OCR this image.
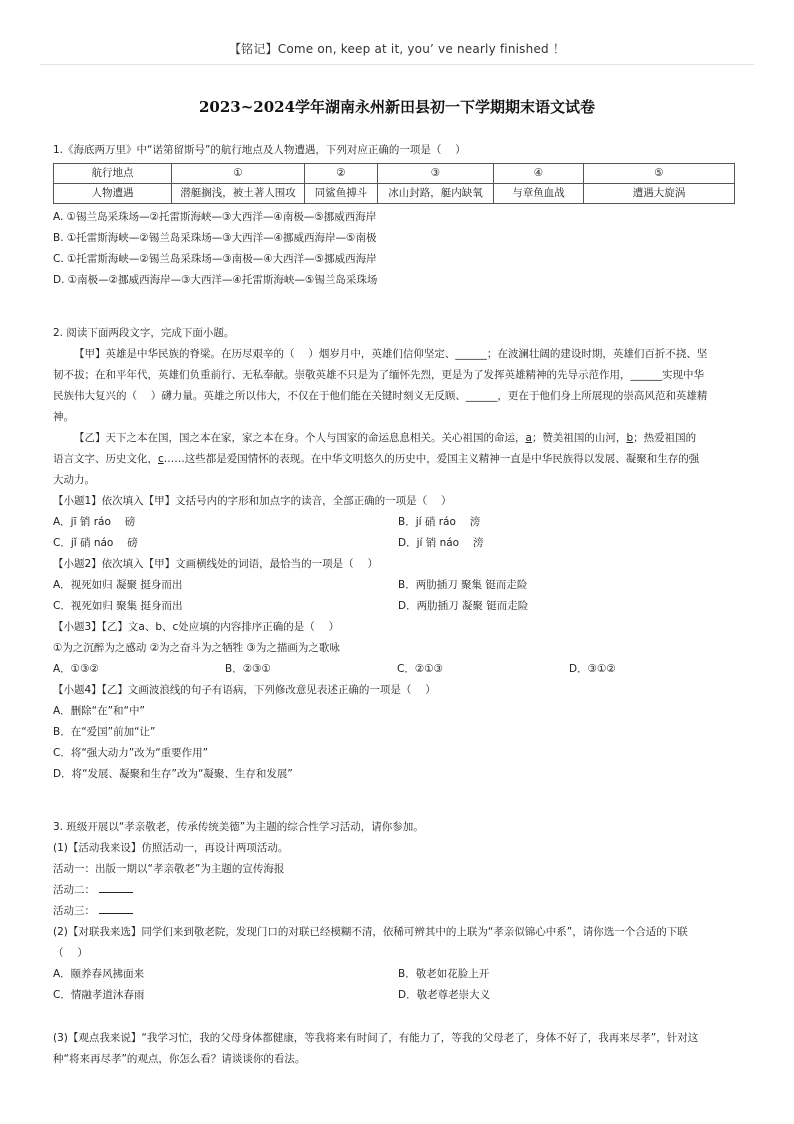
【铭记】Come on, keep at it, you’ ve nearly finished ！
2023~2024学年湖南永州新田县初一下学期期末语文试卷

1.《海底两万里》中“诺第留斯号”的航行地点及人物遭遇，下列对应正确的一项是（　 ）

航行地点	①	②	③	④	⑤
人物遭遇	潜艇搁浅，被土著人围攻	同鲨鱼搏斗	冰山封路，艇内缺氧	与章鱼血战	遭遇大旋涡

A. ①锡兰岛采珠场—②托雷斯海峡—③大西洋—④南极—⑤挪威西海岸

B. ①托雷斯海峡—②锡兰岛采珠场—③大西洋—④挪威西海岸—⑤南极

C. ①托雷斯海峡—②锡兰岛采珠场—③南极—④大西洋—⑤挪威西海岸

D. ①南极—②挪威西海岸—③大西洋—④托雷斯海峡—⑤锡兰岛采珠场

2. 阅读下面两段文字，完成下面小题。

【甲】英雄是中华民族的脊梁。在历尽艰辛的（　 ）烟岁月中，英雄们信仰坚定、______；在波澜壮阔的建设时期，英雄们百折不挠、坚

韧不拔；在和平年代，英雄们负重前行、无私奉献。崇敬英雄不只是为了缅怀先烈，更是为了发挥英雄精神的先导示范作用，______实现中华

民族伟大复兴的（　 ）礴力量。英雄之所以伟大，不仅在于他们能在关键时刻义无反顾、______，更在于他们身上所展现的崇高风范和英雄精

神。

【乙】天下之本在国，国之本在家，家之本在身。个人与国家的命运息息相关。关心祖国的命运，a；赞美祖国的山河，b；热爱祖国的

语言文字、历史文化，c……这些都是爱国情怀的表现。在中华文明悠久的历史中，爱国主义精神一直是中华民族得以发展、凝聚和生存的强

大动力。

【小题1】依次填入【甲】文括号内的字形和加点字的读音，全部正确的一项是（　 ）

A．jī 销 ráo　 磅	B．jí 硝 ráo　 滂
C．jǐ 硝 náo　 磅	D．jí 销 náo　 滂

【小题2】依次填入【甲】文画横线处的词语，最恰当的一项是（　 ）

A．视死如归 凝聚 挺身而出	B．两肋插刀 聚集 铤而走险
C．视死如归 聚集 挺身而出	D．两肋插刀 凝聚 铤而走险

【小题3】【乙】文a、b、c处应填的内容排序正确的是（　 ）

①为之沉醉为之感动 ②为之奋斗为之牺牲 ③为之描画为之歌咏

A．①③②	B．②③①	C．②①③	D．③①②

【小题4】【乙】文画波浪线的句子有语病，下列修改意见表述正确的一项是（　 ）

A．删除“在”和“中”

B．在“爱国”前加“让”

C．将“强大动力”改为“重要作用”

D．将“发展、凝聚和生存”改为“凝聚、生存和发展”

3. 班级开展以“孝亲敬老，传承传统美德”为主题的综合性学习活动，请你参加。

(1)【活动我来设】仿照活动一，再设计两项活动。

活动一：出版一期以“孝亲敬老”为主题的宣传海报

活动二：

活动三：

(2)【对联我来选】同学们来到敬老院，发现门口的对联已经模糊不清，依稀可辨其中的上联为“孝亲似锦心中系”，请你选一个合适的下联

（　 ）

A．颐养春风拂面来	B．敬老如花脸上开
C．情融孝道沐春雨	D．敬老尊老崇大义

(3)【观点我来说】“我学习忙，我的父母身体都健康，等我将来有时间了，有能力了，等我的父母老了，身体不好了，我再来尽孝”，针对这

种“将来再尽孝”的观点，你怎么看？请谈谈你的看法。
